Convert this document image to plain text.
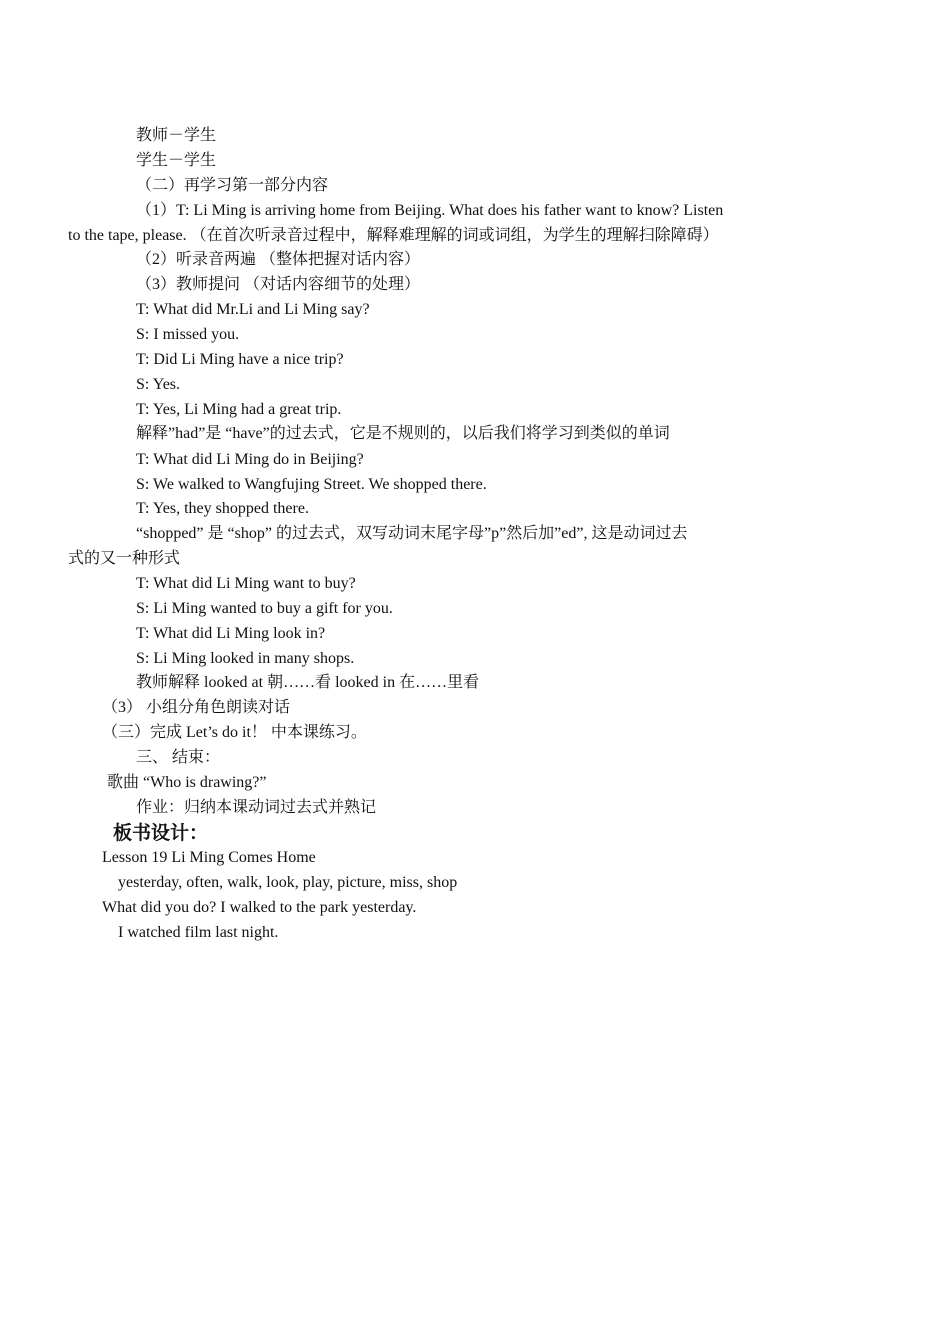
教师－学生
学生－学生
（二）再学习第一部分内容
（1）T: Li Ming is arriving home from Beijing. What does his father want to know? Listen
to the tape, please. （在首次听录音过程中，解释难理解的词或词组，为学生的理解扫除障碍）
（2）听录音两遍 （整体把握对话内容）
（3）教师提问 （对话内容细节的处理）
T: What did Mr.Li and Li Ming say?
S: I missed you.
T: Did Li Ming have a nice trip?
S: Yes.
T: Yes, Li Ming had a great trip.
解释”had”是 “have”的过去式，它是不规则的，以后我们将学习到类似的单词
T: What did Li Ming do in Beijing?
S: We walked to Wangfujing Street. We shopped there.
T: Yes, they shopped there.
“shopped” 是 “shop” 的过去式，双写动词末尾字母”p”然后加”ed”, 这是动词过去
式的又一种形式
T: What did Li Ming want to buy?
S: Li Ming wanted to buy a gift for you.
T: What did Li Ming look in?
S: Li Ming looked in many shops.
教师解释 looked at 朝……看 looked in 在……里看
（3） 小组分角色朗读对话
（三）完成 Let’s do it！ 中本课练习。
三、 结束：
歌曲 “Who is drawing?”
作业：归纳本课动词过去式并熟记
板书设计：
Lesson 19 Li Ming Comes Home
yesterday, often, walk, look, play, picture, miss, shop
What did you do? I walked to the park yesterday.
I watched film last night.
